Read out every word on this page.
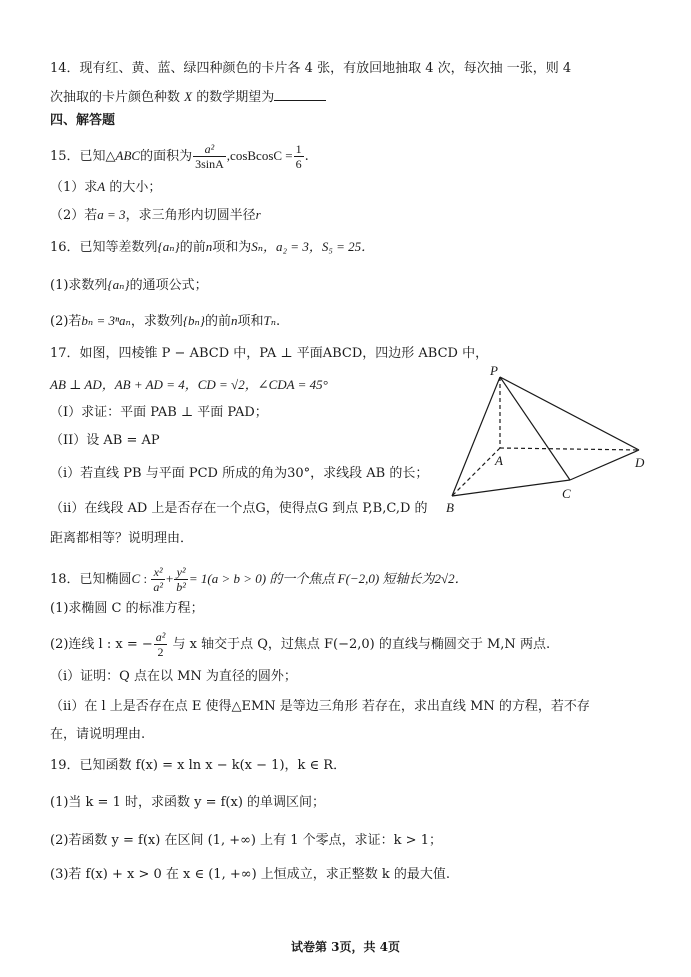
14．现有红、黄、蓝、绿四种颜色的卡片各 4 张，有放回地抽取 4 次，每次抽 一张，则 4
次抽取的卡片颜色种数 X 的数学期望为
四、解答题
15．已知△ABC的面积为 $\frac{\text{a²}}{3\sin A}$ ,cosBcosC = $\frac{1}{6}$ .
（1）求A 的大小；
（2）若a = 3，求三角形内切圆半径r
16．已知等差数列{aₙ}的前n项和为Sₙ，a₂ = 3，S₅ = 25．
(1)求数列{aₙ}的通项公式；
(2)若bₙ = 3ⁿaₙ，求数列{bₙ}的前n项和Tₙ.
17．如图，四棱锥 P − ABCD 中，PA ⊥ 平面ABCD，四边形 ABCD 中，
AB ⊥ AD，AB + AD = 4，CD = √2，∠CDA = 45°
（I）求证：平面 PAB ⊥ 平面 PAD；
（II）设 AB = AP
（i）若直线 PB 与平面 PCD 所成的角为30°，求线段 AB 的长；
（ii）在线段 AD 上是否存在一个点G，使得点G 到点 P,B,C,D 的
距离都相等？说明理由．
P
A
B
C
D
18．已知椭圆C : $\frac{\text{x²}}{\text{a²}} + \frac{\text{y²}}{\text{b²}} = 1(a > b > 0)$ 的一个焦点 F(−2,0) 短轴长为2√2．
(1)求椭圆 C 的标准方程；
(2)连线 l : x = − $\frac{\text{a²}}{2}$ 与 x 轴交于点 Q，过焦点 F(−2,0) 的直线与椭圆交于 M,N 两点.
（i）证明：Q 点在以 MN 为直径的圆外；
（ii）在 l 上是否存在点 E 使得△EMN 是等边三角形 若存在，求出直线 MN 的方程，若不存
在，请说明理由.
19．已知函数 f(x) = x ln x − k(x − 1)，k ∈ R．
(1)当 k = 1 时，求函数 y = f(x) 的单调区间；
(2)若函数 y = f(x) 在区间 (1, +∞) 上有 1 个零点，求证：k > 1；
(3)若 f(x) + x > 0 在 x ∈ (1, +∞) 上恒成立，求正整数 k 的最大值.
试卷第 3页，共 4页
